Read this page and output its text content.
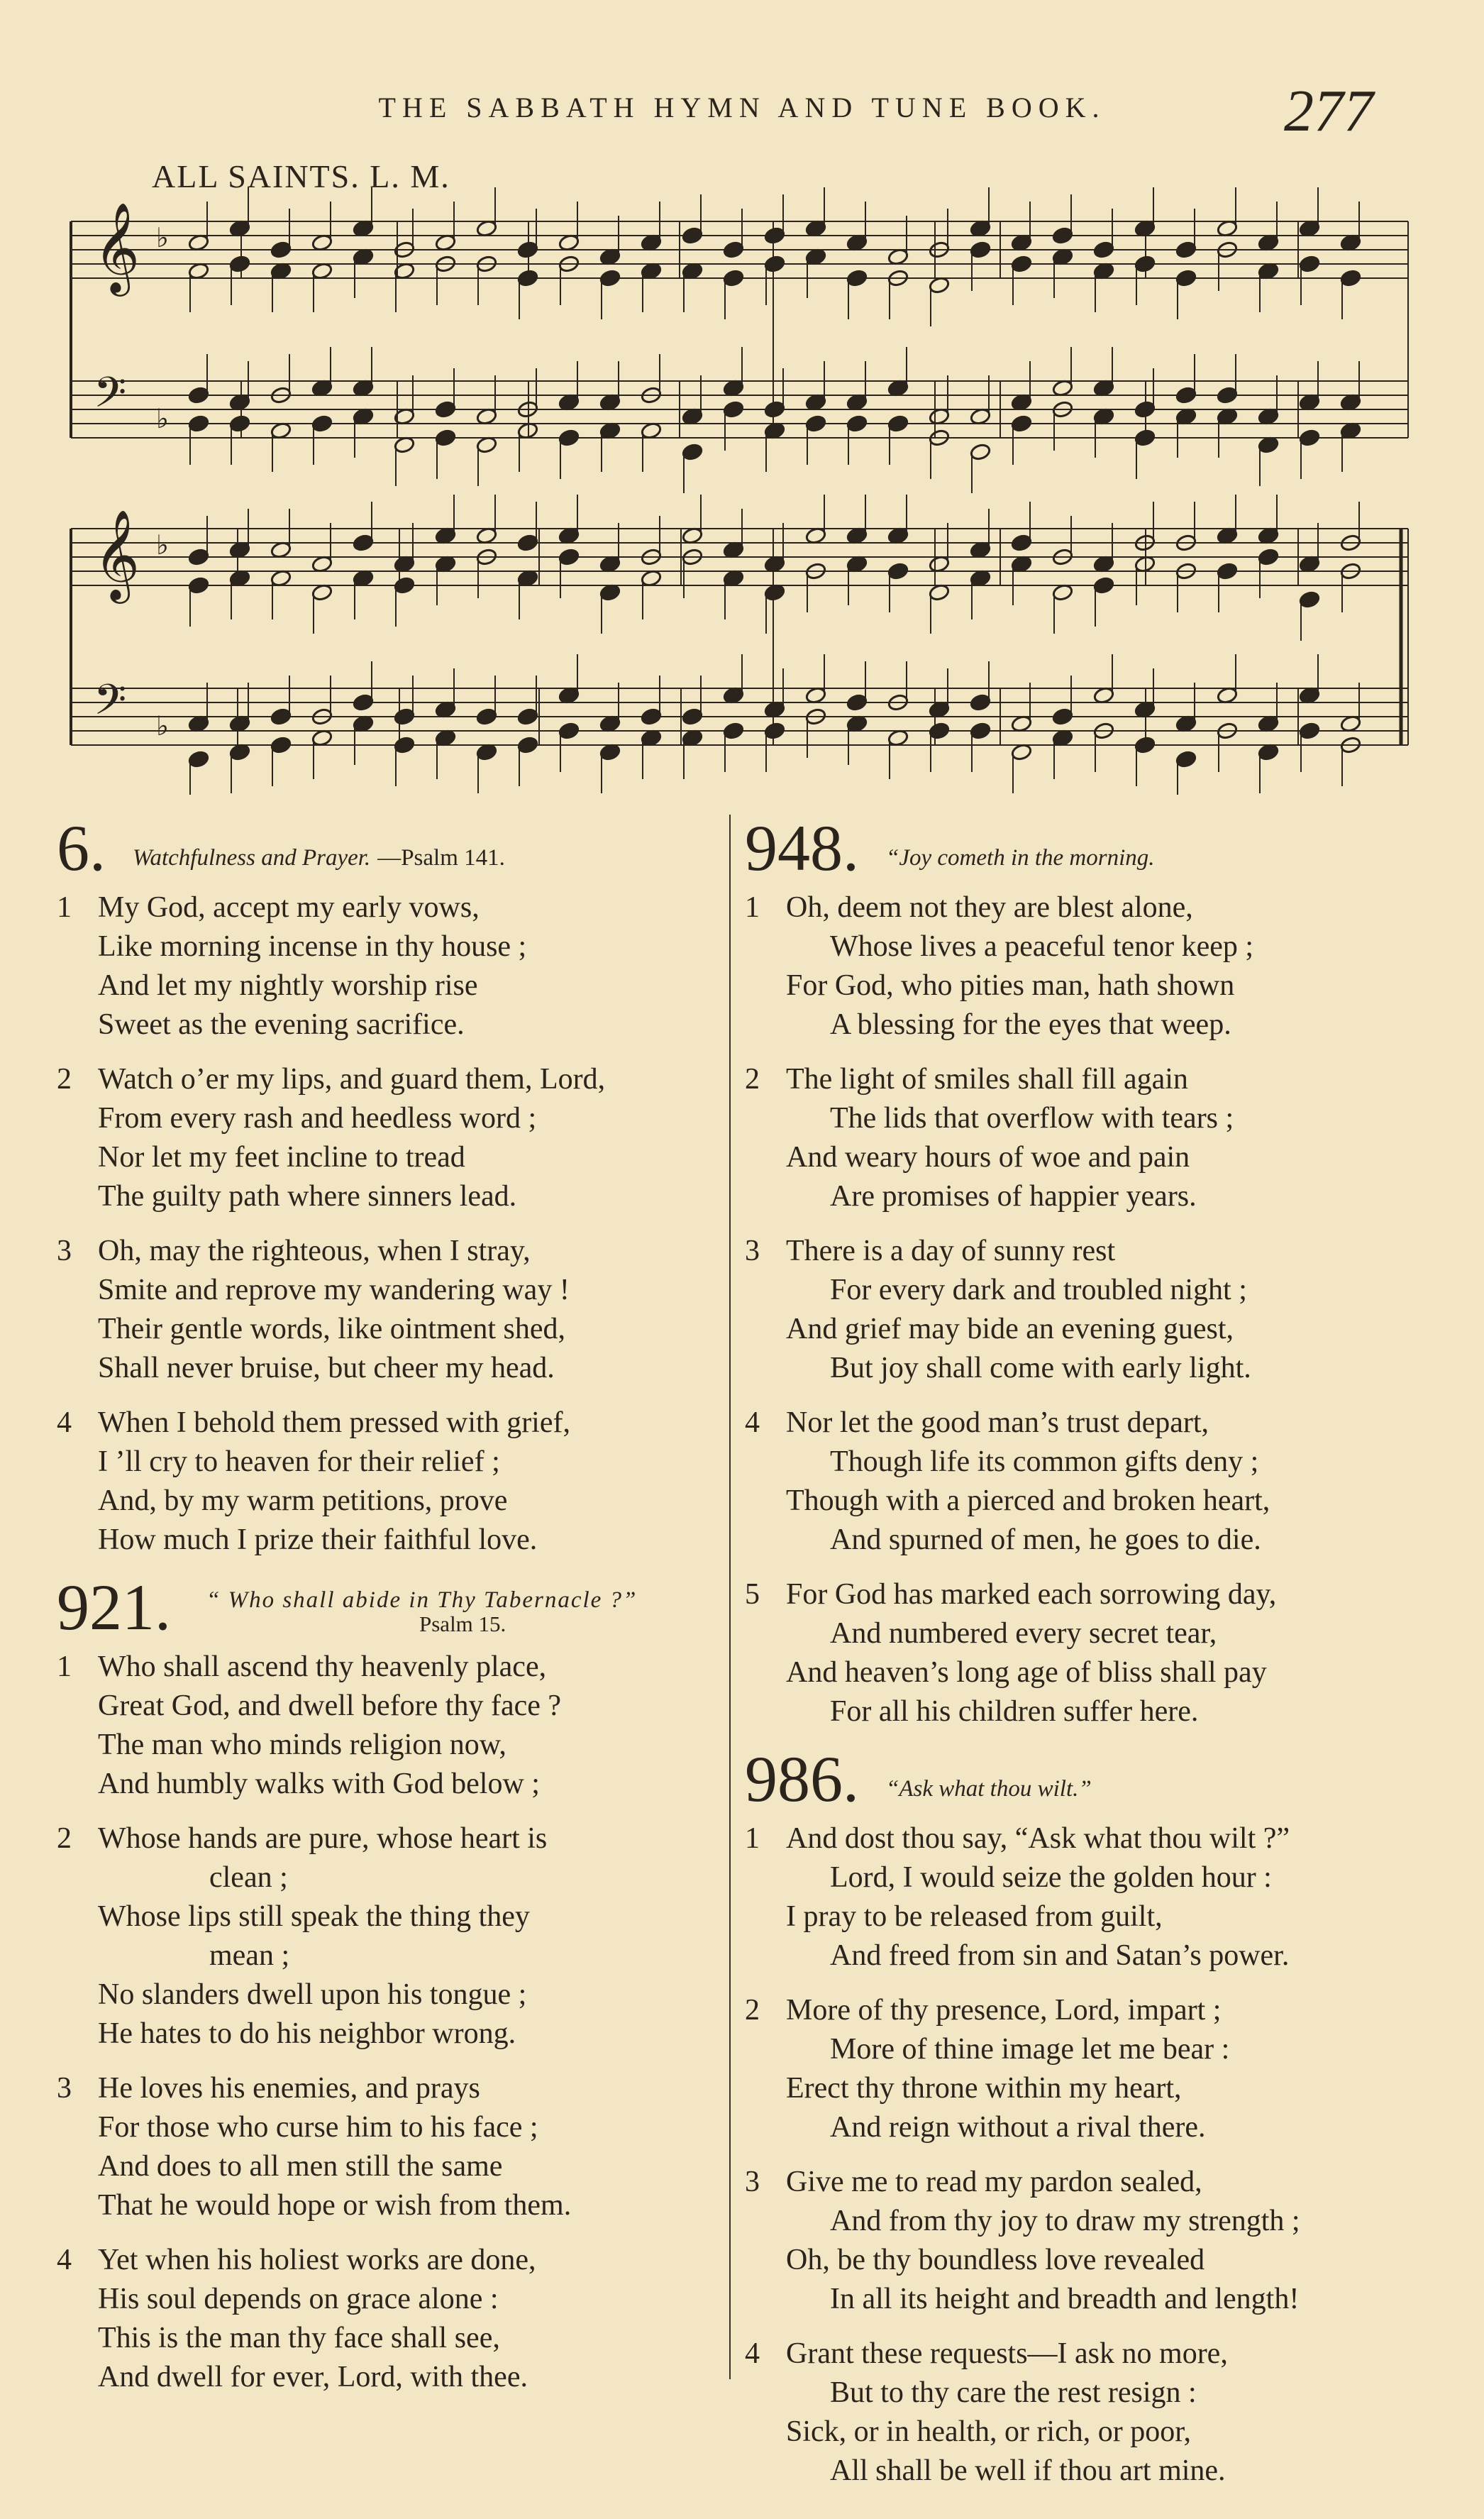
THE SABBATH HYMN AND TUNE BOOK.	277
ALL SAINTS. L. M.
𝄞 ♭
𝄢 ♭
𝄞 ♭
𝄢 ♭
6. Watchfulness and Prayer. —Psalm 141.
1 My God, accept my early vows,
Like morning incense in thy house ;
And let my nightly worship rise
Sweet as the evening sacrifice.
2 Watch o’er my lips, and guard them, Lord,
From every rash and heedless word ;
Nor let my feet incline to tread
The guilty path where sinners lead.
3 Oh, may the righteous, when I stray,
Smite and reprove my wandering way !
Their gentle words, like ointment shed,
Shall never bruise, but cheer my head.
4 When I behold them pressed with grief,
I ’ll cry to heaven for their relief ;
And, by my warm petitions, prove
How much I prize their faithful love.
921. “ Who shall abide in Thy Tabernacle ?”
Psalm 15.
1 Who shall ascend thy heavenly place,
Great God, and dwell before thy face ?
The man who minds religion now,
And humbly walks with God below ;
2 Whose hands are pure, whose heart is
clean ;
Whose lips still speak the thing they
mean ;
No slanders dwell upon his tongue ;
He hates to do his neighbor wrong.
3 He loves his enemies, and prays
For those who curse him to his face ;
And does to all men still the same
That he would hope or wish from them.
4 Yet when his holiest works are done,
His soul depends on grace alone :
This is the man thy face shall see,
And dwell for ever, Lord, with thee.
948. “Joy cometh in the morning.
1 Oh, deem not they are blest alone,
Whose lives a peaceful tenor keep ;
For God, who pities man, hath shown
A blessing for the eyes that weep.
2 The light of smiles shall fill again
The lids that overflow with tears ;
And weary hours of woe and pain
Are promises of happier years.
3 There is a day of sunny rest
For every dark and troubled night ;
And grief may bide an evening guest,
But joy shall come with early light.
4 Nor let the good man’s trust depart,
Though life its common gifts deny ;
Though with a pierced and broken heart,
And spurned of men, he goes to die.
5 For God has marked each sorrowing day,
And numbered every secret tear,
And heaven’s long age of bliss shall pay
For all his children suffer here.
986. “Ask what thou wilt.”
1 And dost thou say, “Ask what thou wilt ?”
Lord, I would seize the golden hour :
I pray to be released from guilt,
And freed from sin and Satan’s power.
2 More of thy presence, Lord, impart ;
More of thine image let me bear :
Erect thy throne within my heart,
And reign without a rival there.
3 Give me to read my pardon sealed,
And from thy joy to draw my strength ;
Oh, be thy boundless love revealed
In all its height and breadth and length!
4 Grant these requests—I ask no more,
But to thy care the rest resign :
Sick, or in health, or rich, or poor,
All shall be well if thou art mine.
